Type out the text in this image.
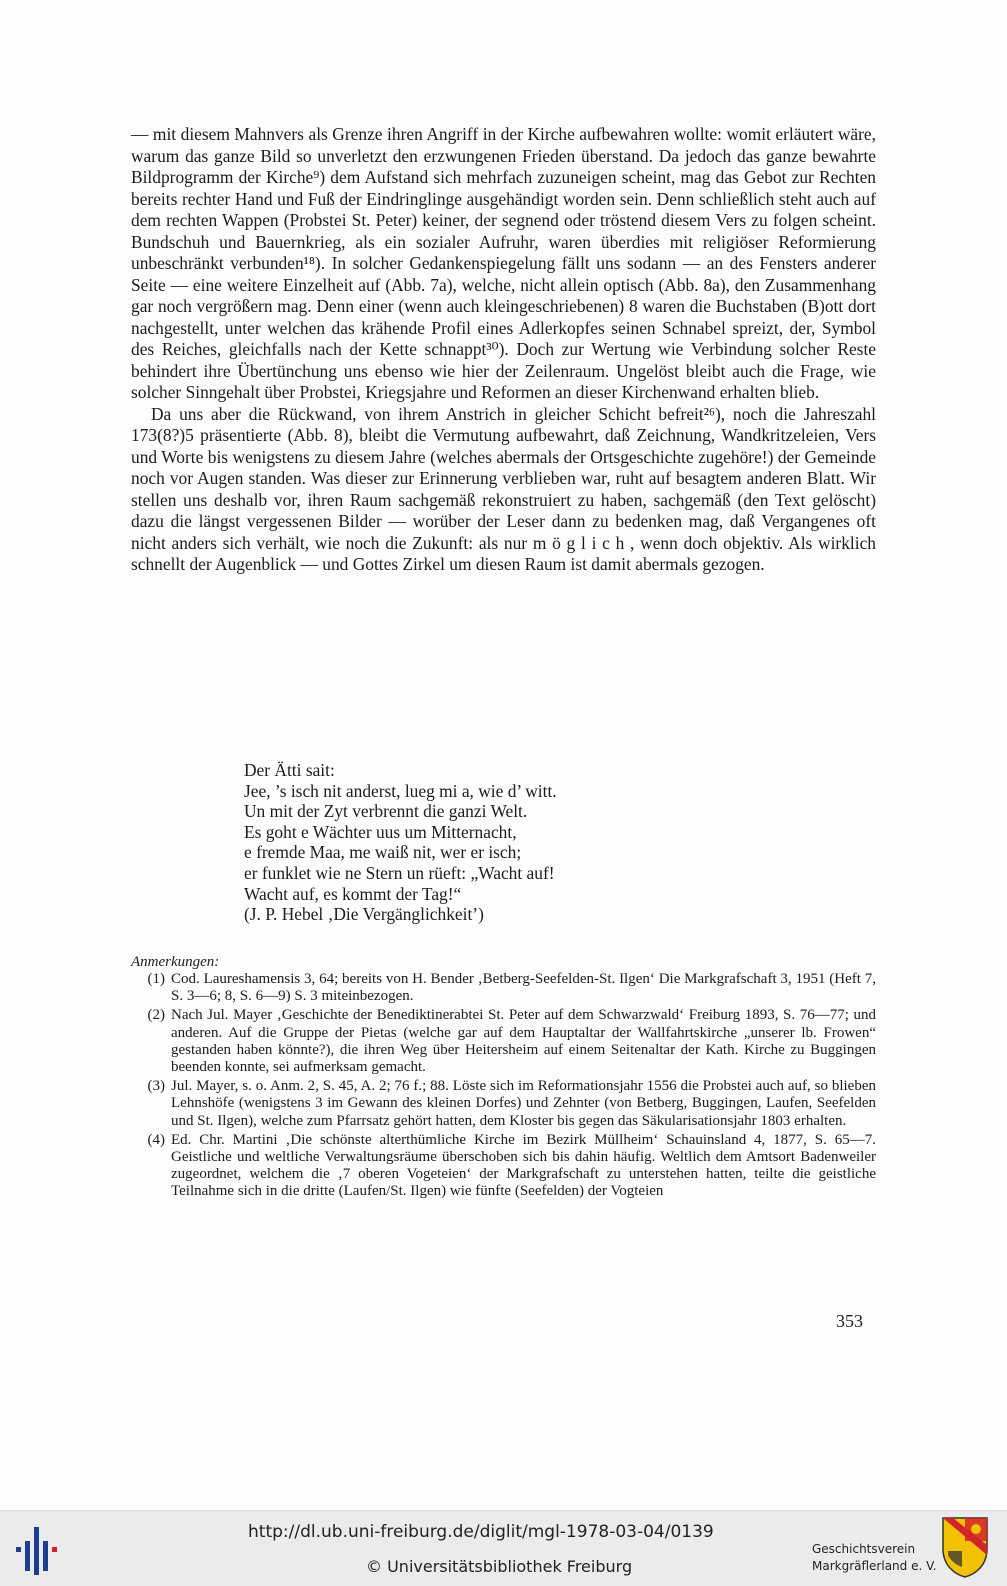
— mit diesem Mahnvers als Grenze ihren Angriff in der Kirche aufbewahren wollte: womit erläutert wäre, warum das ganze Bild so unverletzt den erzwungenen Frieden überstand. Da jedoch das ganze bewahrte Bildprogramm der Kirche⁹) dem Aufstand sich mehrfach zuzuneigen scheint, mag das Gebot zur Rechten bereits rechter Hand und Fuß der Eindringlinge ausgehändigt worden sein. Denn schließlich steht auch auf dem rechten Wappen (Probstei St. Peter) keiner, der segnend oder tröstend diesem Vers zu folgen scheint. Bundschuh und Bauernkrieg, als ein sozialer Aufruhr, waren überdies mit religiöser Reformierung unbeschränkt verbunden¹⁸). In solcher Gedankenspiegelung fällt uns sodann — an des Fensters anderer Seite — eine weitere Einzelheit auf (Abb. 7a), welche, nicht allein optisch (Abb. 8a), den Zusammenhang gar noch vergrößern mag. Denn einer (wenn auch kleingeschriebenen) 8 waren die Buchstaben (B)ott dort nachgestellt, unter welchen das krähende Profil eines Adlerkopfes seinen Schnabel spreizt, der, Symbol des Reiches, gleichfalls nach der Kette schnappt³⁰). Doch zur Wertung wie Verbindung solcher Reste behindert ihre Übertünchung uns ebenso wie hier der Zeilenraum. Ungelöst bleibt auch die Frage, wie solcher Sinngehalt über Probstei, Kriegsjahre und Reformen an dieser Kirchenwand erhalten blieb.

Da uns aber die Rückwand, von ihrem Anstrich in gleicher Schicht befreit²⁶), noch die Jahreszahl 173(8?)5 präsentierte (Abb. 8), bleibt die Vermutung aufbewahrt, daß Zeichnung, Wandkritzeleien, Vers und Worte bis wenigstens zu diesem Jahre (welches abermals der Ortsgeschichte zugehöre!) der Gemeinde noch vor Augen standen. Was dieser zur Erinnerung verblieben war, ruht auf besagtem anderen Blatt. Wir stellen uns deshalb vor, ihren Raum sachgemäß rekonstruiert zu haben, sachgemäß (den Text gelöscht) dazu die längst vergessenen Bilder — worüber der Leser dann zu bedenken mag, daß Vergangenes oft nicht anders sich verhält, wie noch die Zukunft: als nur m ö g l i c h , wenn doch objektiv. Als wirklich schnellt der Augenblick — und Gottes Zirkel um diesen Raum ist damit abermals gezogen.

Der Ätti sait:
Jee, ’s isch nit anderst, lueg mi a, wie d’ witt.
Un mit der Zyt verbrennt die ganzi Welt.
Es goht e Wächter uus um Mitternacht,
e fremde Maa, me waiß nit, wer er isch;
er funklet wie ne Stern un rüeft: „Wacht auf!
Wacht auf, es kommt der Tag!“
(J. P. Hebel ‚Die Vergänglichkeit’)
Anmerkungen:
(1) Cod. Laureshamensis 3, 64; bereits von H. Bender ‚Betberg-Seefelden-St. Ilgen‘ Die Markgrafschaft 3, 1951 (Heft 7, S. 3—6; 8, S. 6—9) S. 3 miteinbezogen.
(2) Nach Jul. Mayer ‚Geschichte der Benediktinerabtei St. Peter auf dem Schwarzwald‘ Freiburg 1893, S. 76—77; und anderen. Auf die Gruppe der Pietas (welche gar auf dem Hauptaltar der Wallfahrtskirche „unserer lb. Frowen“ gestanden haben könnte?), die ihren Weg über Heitersheim auf einem Seitenaltar der Kath. Kirche zu Buggingen beenden konnte, sei aufmerksam gemacht.
(3) Jul. Mayer, s. o. Anm. 2, S. 45, A. 2; 76 f.; 88. Löste sich im Reformationsjahr 1556 die Probstei auch auf, so blieben Lehnshöfe (wenigstens 3 im Gewann des kleinen Dorfes) und Zehnter (von Betberg, Buggingen, Laufen, Seefelden und St. Ilgen), welche zum Pfarrsatz gehört hatten, dem Kloster bis gegen das Säkularisationsjahr 1803 erhalten.
(4) Ed. Chr. Martini ‚Die schönste alterthümliche Kirche im Bezirk Müllheim‘ Schauinsland 4, 1877, S. 65—7. Geistliche und weltliche Verwaltungsräume überschoben sich bis dahin häufig. Weltlich dem Amtsort Badenweiler zugeordnet, welchem die ‚7 oberen Vogeteien‘ der Markgrafschaft zu unterstehen hatten, teilte die geistliche Teilnahme sich in die dritte (Laufen/St. Ilgen) wie fünfte (Seefelden) der Vogteien
353
http://dl.ub.uni-freiburg.de/diglit/mgl-1978-03-04/0139
© Universitätsbibliothek Freiburg
Geschichtsverein
Markgräflerland e. V.
